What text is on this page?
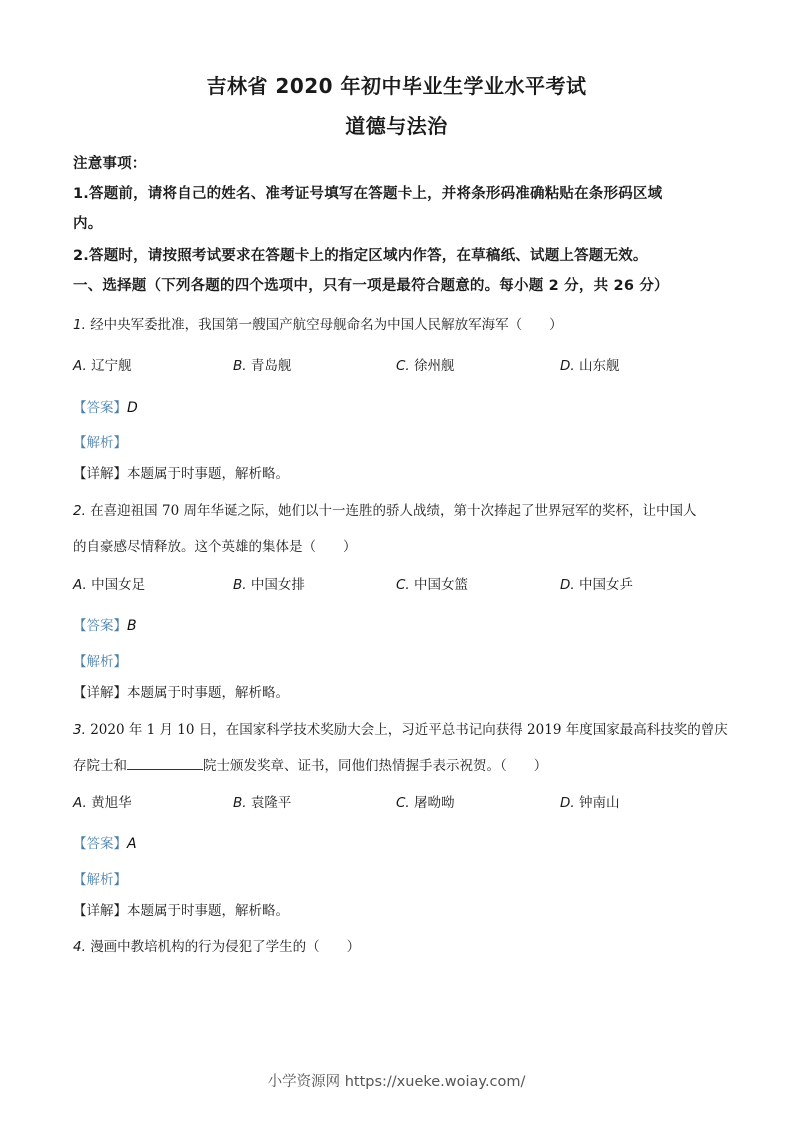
吉林省 2020 年初中毕业生学业水平考试
道德与法治
注意事项：
1.答题前，请将自己的姓名、准考证号填写在答题卡上，并将条形码准确粘贴在条形码区域
内。
2.答题时，请按照考试要求在答题卡上的指定区域内作答，在草稿纸、试题上答题无效。
一、选择题（下列各题的四个选项中，只有一项是最符合题意的。每小题 2 分，共 26 分）
1. 经中央军委批准，我国第一艘国产航空母舰命名为中国人民解放军海军（　　）
A. 辽宁舰	B. 青岛舰	C. 徐州舰	D. 山东舰
【答案】D
【解析】
【详解】本题属于时事题，解析略。
2. 在喜迎祖国 70 周年华诞之际，她们以十一连胜的骄人战绩，第十次捧起了世界冠军的奖杯，让中国人
的自豪感尽情释放。这个英雄的集体是（　　）
A. 中国女足	B. 中国女排	C. 中国女篮	D. 中国女乒
【答案】B
【解析】
【详解】本题属于时事题，解析略。
3. 2020 年 1 月 10 日，在国家科学技术奖励大会上，习近平总书记向获得 2019 年度国家最高科技奖的曾庆
存院士和	院士颁发奖章、证书，同他们热情握手表示祝贺。（　　）
A. 黄旭华	B. 袁隆平	C. 屠呦呦	D. 钟南山
【答案】A
【解析】
【详解】本题属于时事题，解析略。
4. 漫画中教培机构的行为侵犯了学生的（　　）
小学资源网 https://xueke.woiay.com/
